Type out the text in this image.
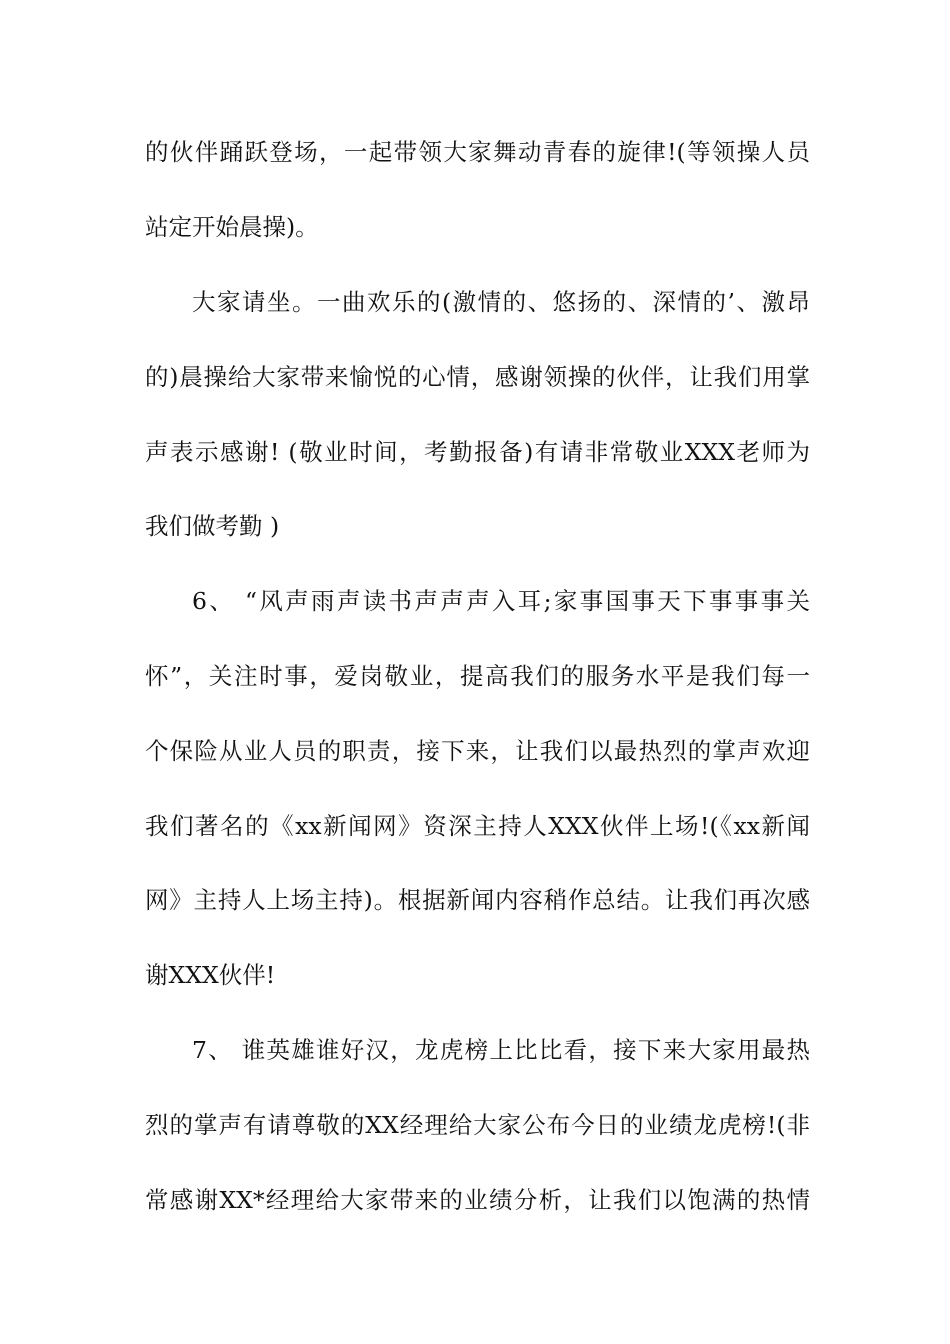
的伙伴踊跃登场，一起带领大家舞动青春的旋律!(等领操人员
站定开始晨操)。
大家请坐。一曲欢乐的(激情的、悠扬的、深情的’、激昂
的)晨操给大家带来愉悦的心情，感谢领操的伙伴，让我们用掌
声表示感谢! (敬业时间，考勤报备)有请非常敬业XXX老师为
我们做考勤 )
6、 “风声雨声读书声声声入耳;家事国事天下事事事关
怀”，关注时事，爱岗敬业，提高我们的服务水平是我们每一
个保险从业人员的职责，接下来，让我们以最热烈的掌声欢迎
我们著名的《xx新闻网》资深主持人XXX伙伴上场!(《xx新闻
网》主持人上场主持)。根据新闻内容稍作总结。让我们再次感
谢XXX伙伴!
7、 谁英雄谁好汉，龙虎榜上比比看，接下来大家用最热
烈的掌声有请尊敬的XX经理给大家公布今日的业绩龙虎榜!(非
常感谢XX*经理给大家带来的业绩分析，让我们以饱满的热情
